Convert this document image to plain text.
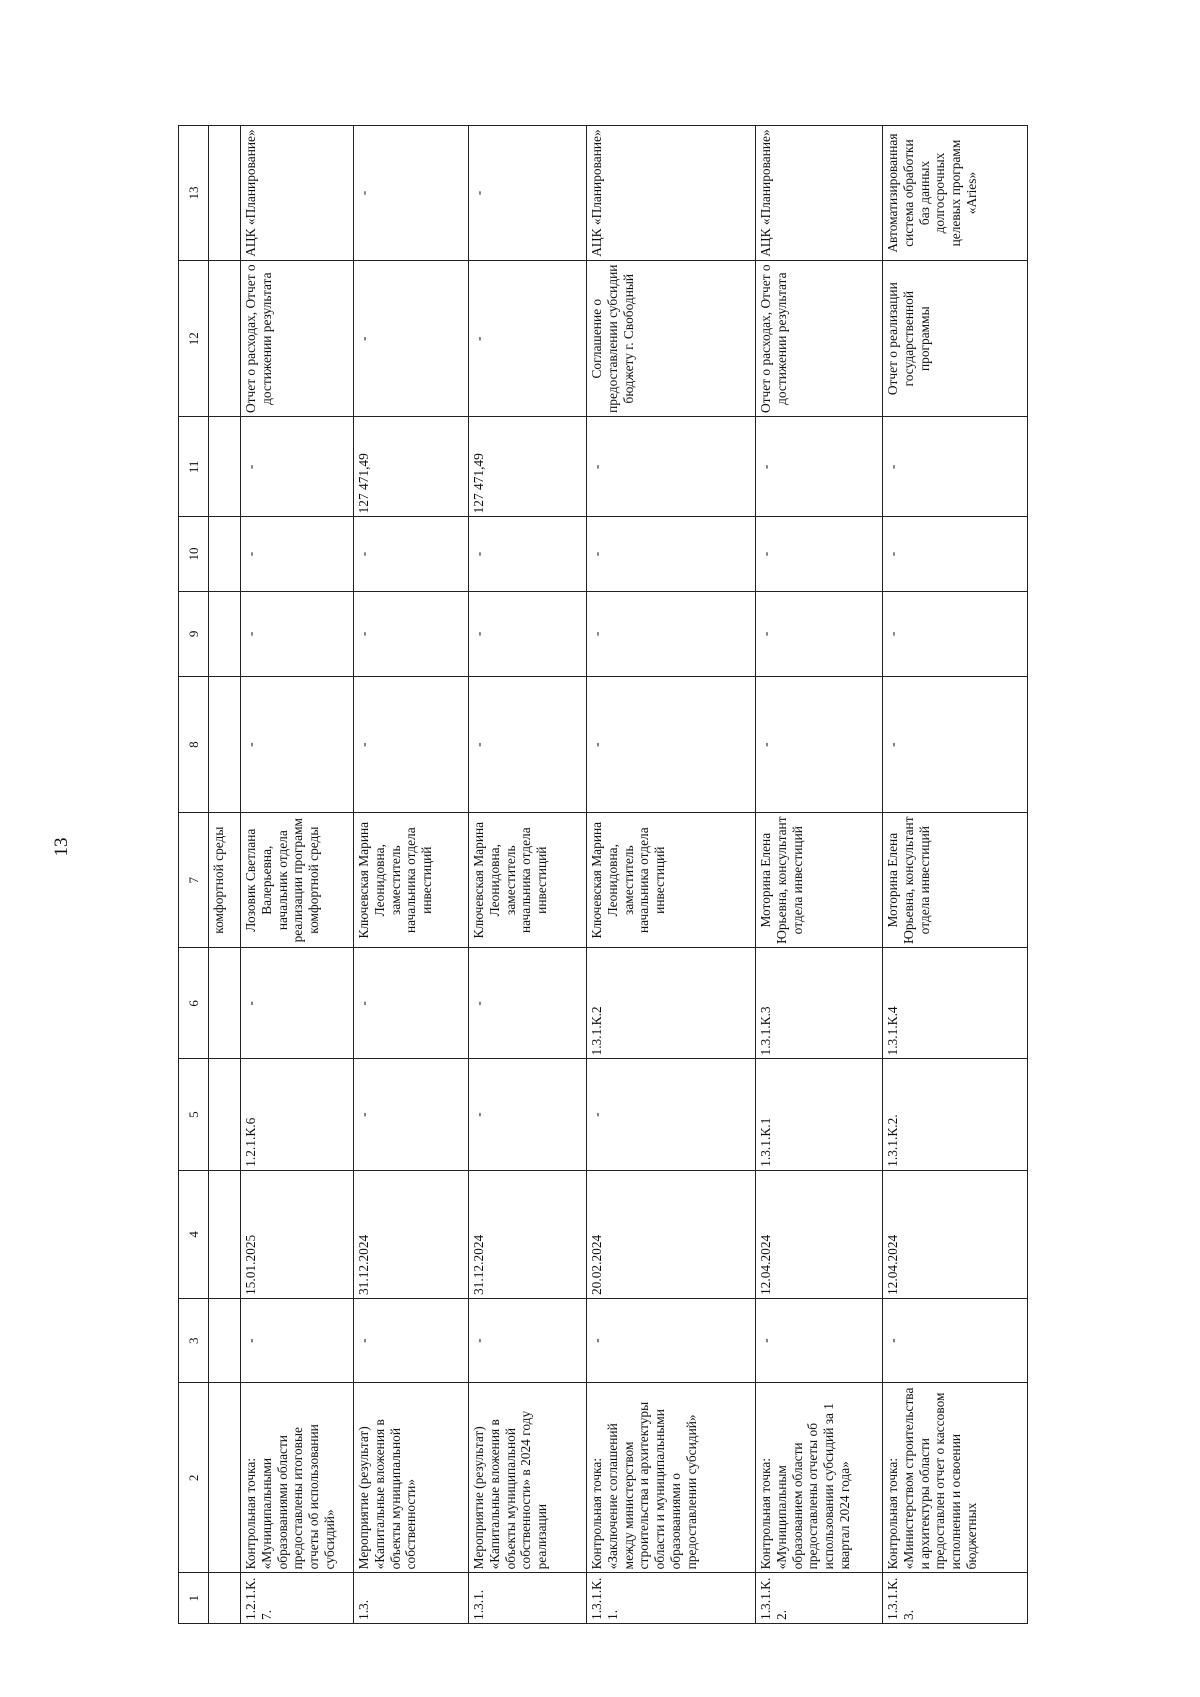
13
1	2	3	4	5	6	7	8	9	10	11	12	13
						комфортной среды						
1.2.1.К.7.	Контрольная точка: «Муниципальными образованиями области предоставлены итоговые отчеты об использовании субсидий»	-	15.01.2025	1.2.1.К.6	-	Лозовик Светлана Валерьевна, начальник отдела реализации программ комфортной среды	-	-	-	-	Отчет о расходах, Отчет о достижении результата	АЦК «Планирование»
1.3.	Мероприятие (результат) «Капитальные вложения в объекты муниципальной собственности»	-	31.12.2024	-	-	Ключевская Марина Леонидовна, заместитель начальника отдела инвестиций	-	-	-	127 471,49	-	-
1.3.1.	Мероприятие (результат) «Капитальные вложения в объекты муниципальной собственности» в 2024 году реализации	-	31.12.2024	-	-	Ключевская Марина Леонидовна, заместитель начальника отдела инвестиций	-	-	-	127 471,49	-	-
1.3.1.К.1.	Контрольная точка: «Заключение соглашений между министерством строительства и архитектуры области и муниципальными образованиями о предоставлении субсидий»	-	20.02.2024	-	1.3.1.К.2	Ключевская Марина Леонидовна, заместитель начальника отдела инвестиций	-	-	-	-	Соглашение о предоставлении субсидии бюджету г. Свободный	АЦК «Планирование»
1.3.1.К.2.	Контрольная точка: «Муниципальным образованием области предоставлены отчеты об использовании субсидий за 1 квартал 2024 года»	-	12.04.2024	1.3.1.К.1	1.3.1.К.3	Моторина Елена Юрьевна, консультант отдела инвестиций	-	-	-	-	Отчет о расходах, Отчет о достижении результата	АЦК «Планирование»
1.3.1.К.3.	Контрольная точка: «Министерством строительства и архитектуры области предоставлен отчет о кассовом исполнении и освоении бюджетных	-	12.04.2024	1.3.1.К.2.	1.3.1.К.4	Моторина Елена Юрьевна, консультант отдела инвестиций	-	-	-	-	Отчет о реализации государственной программы	Автоматизированная система обработки баз данных долгосрочных целевых программ «Aries»
